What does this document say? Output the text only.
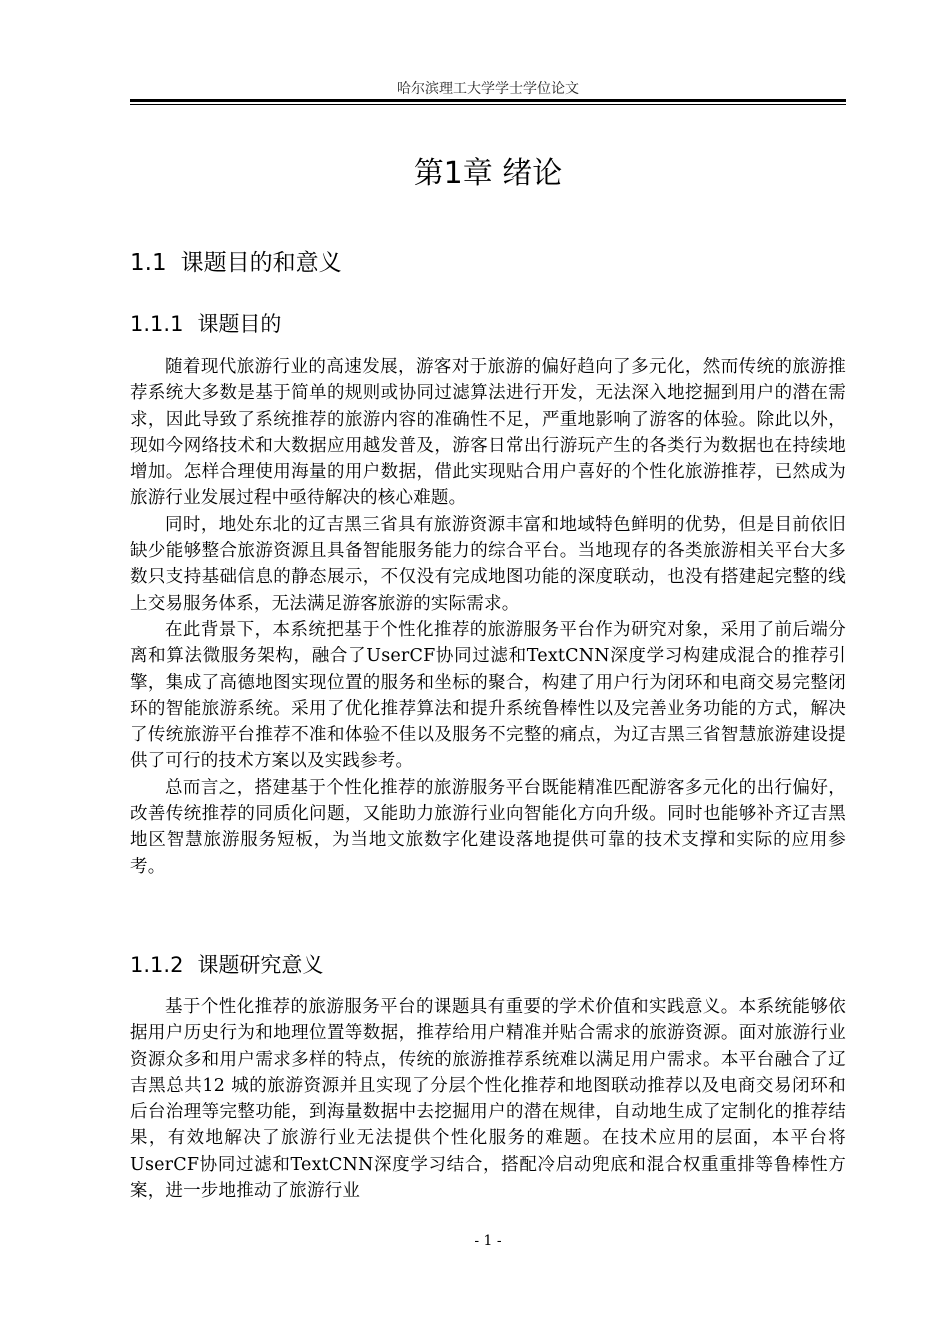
哈尔滨理工大学学士学位论文
第1章 绪论
1.1 课题目的和意义
1.1.1 课题目的

随着现代旅游行业的高速发展，游客对于旅游的偏好趋向了多元化，然而传统的旅游推荐系统大多数是基于简单的规则或协同过滤算法进行开发，无法深入地挖掘到用户的潜在需求，因此导致了系统推荐的旅游内容的准确性不足，严重地影响了游客的体验。除此以外，现如今网络技术和大数据应用越发普及，游客日常出行游玩产生的各类行为数据也在持续地增加。怎样合理使用海量的用户数据，借此实现贴合用户喜好的个性化旅游推荐，已然成为旅游行业发展过程中亟待解决的核心难题。

同时，地处东北的辽吉黑三省具有旅游资源丰富和地域特色鲜明的优势，但是目前依旧缺少能够整合旅游资源且具备智能服务能力的综合平台。当地现存的各类旅游相关平台大多数只支持基础信息的静态展示，不仅没有完成地图功能的深度联动，也没有搭建起完整的线上交易服务体系，无法满足游客旅游的实际需求。

在此背景下，本系统把基于个性化推荐的旅游服务平台作为研究对象，采用了前后端分离和算法微服务架构，融合了UserCF协同过滤和TextCNN深度学习构建成混合的推荐引擎，集成了高德地图实现位置的服务和坐标的聚合，构建了用户行为闭环和电商交易完整闭环的智能旅游系统。采用了优化推荐算法和提升系统鲁棒性以及完善业务功能的方式，解决了传统旅游平台推荐不准和体验不佳以及服务不完整的痛点，为辽吉黑三省智慧旅游建设提供了可行的技术方案以及实践参考。

总而言之，搭建基于个性化推荐的旅游服务平台既能精准匹配游客多元化的出行偏好，改善传统推荐的同质化问题，又能助力旅游行业向智能化方向升级。同时也能够补齐辽吉黑地区智慧旅游服务短板，为当地文旅数字化建设落地提供可靠的技术支撑和实际的应用参考。

1.1.2 课题研究意义

基于个性化推荐的旅游服务平台的课题具有重要的学术价值和实践意义。本系统能够依据用户历史行为和地理位置等数据，推荐给用户精准并贴合需求的旅游资源。面对旅游行业资源众多和用户需求多样的特点，传统的旅游推荐系统难以满足用户需求。本平台融合了辽吉黑总共12 城的旅游资源并且实现了分层个性化推荐和地图联动推荐以及电商交易闭环和后台治理等完整功能，到海量数据中去挖掘用户的潜在规律，自动地生成了定制化的推荐结果，有效地解决了旅游行业无法提供个性化服务的难题。在技术应用的层面，本平台将UserCF协同过滤和TextCNN深度学习结合，搭配冷启动兜底和混合权重重排等鲁棒性方案，进一步地推动了旅游行业

- 1 -
